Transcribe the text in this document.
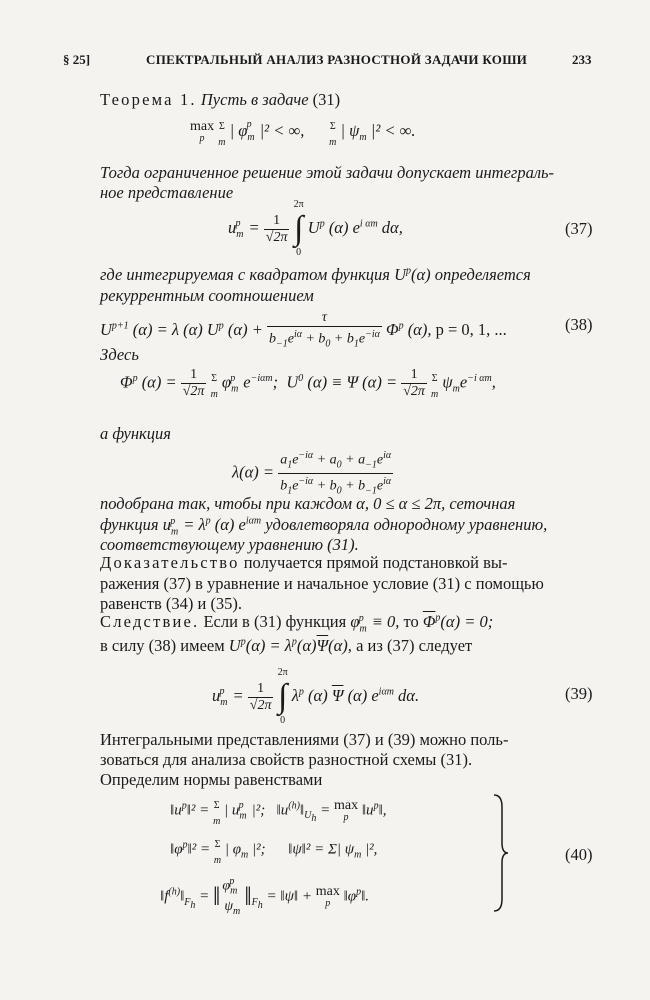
§ 25]	СПЕКТРАЛЬНЫЙ АНАЛИЗ РАЗНОСТНОЙ ЗАДАЧИ КОШИ	233
Теорема 1. Пусть в задаче (31)
max
p

Σ
m
| $\varphi_m^p$ |² < ∞, Σ
m
| $\psi_m$ |² < ∞.
Тогда ограниченное решение этой задачи допускает интеграль-
ное представление
$u_m^p = \frac{1}{√2\pi}$

2π
∫
0
$U^p$ (α) $e^{i \alpha m}$ dα,	(37)
где интегрируемая с квадратом функция $U^p(\alpha)$ определяется
рекуррентным соотношением
$U^{p+1}$ (α) = λ (α) $U^p$ $(\alpha) + \frac{\tau}{b_{-1}e^{i\alpha} + b_0 + b_1e^{-i\alpha}} \Phi^p$ (α), p = 0, 1, ...	(38)
Здесь
$\Phi^p$ $(\alpha) = \frac{1}{√2\pi}$
Σ
m
$\varphi_m^p$ $e^{-i\alpha m}$;  $U^0$ (α) ≡ Ψ $(\alpha) = \frac{1}{√2\pi}$
Σ
m
$\psi_me^{-i \alpha m}$,
а функция
$\lambda(\alpha) = \frac{a_1e^{-i\alpha} + a_0 + a_{-1}e^{i\alpha}}{b_1e^{-i\alpha} + b_0 + b_{-1}e^{i\alpha}}$
подобрана так, чтобы при каждом α, 0 ≤ α ≤ 2π, сеточная
функция $u_m^p = \lambda^p$ (α) $e^{i\alpha m}$ удовлетворяла однородному уравнению,
соответствующему уравнению (31).
Доказательство получается прямой подстановкой вы-
ражения (37) в уравнение и начальное условие (31) с помощью
равенств (34) и (35).
Следствие. Если в (31) функция $\varphi_m^p \equiv 0$, то $\overline{\Phi}^p(\alpha) = 0$;
в силу (38) имеем $U^p(\alpha) = \lambda^p(\alpha)\overline{\Psi}(\alpha)$, а из (37) следует
$u_m^p = \frac{1}{√2\pi}$

2π
∫
0
$\lambda^p$ (α) $\overline{\Psi}$ (α) $e^{i\alpha m}$ dα.	(39)
Интегральными представлениями (37) и (39) можно поль-
зоваться для анализа свойств разностной схемы (31).
Определим нормы равенствами
$‖u^p‖^2 = \Sigma$
m
| $u_m^p$ |²;   $‖u^{(h)}‖_{U_h} = \max$
p $‖u^p‖$,
$‖\varphi^p‖^2 = \Sigma$
m
| $\varphi_m$ |²;      ‖ψ‖² = Σ| $\psi_m$ |²,
$‖f^{(h)}‖_{F_h}$ = ‖ $\varphi_m^p$
$\psi_m$
$‖_{F_h}$ = ‖ψ‖ + max
p $‖\varphi^p‖$.
(40)
